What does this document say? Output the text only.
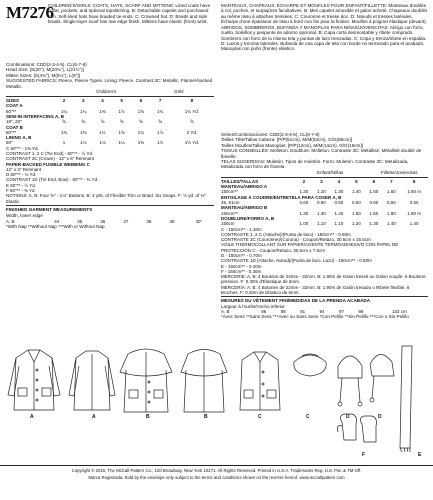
M7276
CHILDREN'S/GIRLS' COATS, HATS, SCARF AND MITTENS: Lined coats have collar, pockets, and optional topstitching. B: Detachable capelet and purchased trim. Self-lined hats have braided tie ends. C: Crowned hat. D: Braids and side braids. Single-layer scarf has raw edge finish. Mittens have elastic (front) wrist.
MANTEAUX, CHAPEAUX, ÉCHARPE ET MOUFLES POUR ENFANT/FILLETTE: Manteaux doublés à col, poches, et surpiqûres facultatives. B: Mini capelet amovible et galon acheté. Chapeaux doublés au même tissu à attaches tressées. C: Couronne et tresse doc. D: Nœuds et tresses latérales. Écharpe d'une épaisseur de tissu à bord non fini pour la finition. Moufles à poignet élastique (devant).
ABRIGOS, SOMBREROS, BUFANDA Y MANOPLAS PARA NIÑAS/JOVENCITAS: Abrigo con forro, cuello, bolsillos y pespunte de adorno opcional. B: Capa corta desmontable y ribete comprado. Sombrero con forro de la misma tela y puntas de lazo trenzadas. C: Copa y trenza/ribete en espalda. D: Lazos y trenzas laterales. Bufanda de una capa de tela con borde no terminado para el acabado. Manoplas con puño (frente) elástico.
Combinations: CDD(2-3-4-5), CL(6-7-8)
Head Size: [S(20"), M(20¾"), L(21½")]
Mitten Sizes: [S(4¾"), M(5¼"), L(6")]
SUGGESTED FABRICS: Fleece, Fleece Types. Lining: Fleece. Contrast 3C: Metallic, Flannel-backed Metallic.
Children's	Girls'
SIZES	2	3	4	5	6	7	8
COAT A							
60"**	1¼	1¼	1⅜	1½	1⅝	1¾	1¾ Yd.
SEW-IN INTERFACING A, B							
18", 20"	⅝	⅝	⅝	⅝	⅝	⅝	⅝
COAT B							
60"**	1⅜	1⅜	1½	1⅝	1¾	1⅞	2 Yd.
LINING A, B							
60"	1	1⅛	1⅛	1¼	1⅜	1½	1½ Yd.
C 60"** - 1⅜ Yd.							
CONTRAST 1, 2 C (Tie End) - 60"** - ½ Yd.							
CONTRAST 3C (Crown) - 12" x 6" Remnant							
PAPER-BACKED FUSIBLE WEBBING C							
12" x 3" Remnant							
D 60"** - ¾ Yd.							
CONTRAST 1D (Tie End, Bow) - 60"** - ⅜ Yd.							
E 60"** - ½ Yd.							
F 60"** - ⅜ Yd.							
NOTIONS: A, B: Four ⅝" - 1⅛" Buttons. B: 2 yds. of Flexible Trim or Braid. Six Snaps. F: ½ yd. of ⅜" Elastic.							
FINISHED GARMENT MEASUREMENTS
Width, lower edge
A, B	34	35	36	37	38	39	40"
*With Nap **Without Nap ***With or Without Nap
Séries/Combinaciones: CDD(2-3-4-5), CL(6-7-8)
Tailles Tête/Tallas Cabeza: [P/P(51cm), M/M(53cm), G/G(55cm)]
Tailles Moufles/Tallas Manoplas: [P/P(12cm), M/M(14cm), G/G(16cm)]
TISSUS CONSEILLÉS: Molleton. Doublure: Molleton. Contraste 3C: Métallisé, Métallisé doublé de flanelle.
TELAS SUGERIDAS: Muletón, Tipos de muletón. Forro: Muletón. Contraste 3C: Metalizada, Metalizada con forro de franela.
Enfant/Niñas	Fillette/Jovencitas
TAILLES/TALLAS	2	3	4	5	6	7	8
MANTEAU/ABRIGO A							
150cm**	1.20	1.20	1.30	1.40	1.50	1.60	1.60 m
ENTOILAGE À COUDRE/ENTRETELA PARA COSER A, B							
46, 51cm	0.60	0.60	0.60	0.60	0.60	0.60	0.60
MANTEAU/ABRIGO B							
150cm**	1.30	1.30	1.40	1.50	1.60	1.80	1.80 m
DOUBLURE/FORRO A, B							
150cm	1.00	1.10	1.10	1.20	1.30	1.40	1.40
C - 150cm** - 1.30m							
CONTRASTE 1, 2 C (Attache)/(Punta de lazo) - 150cm** - 0.50m							
CONTRASTE 3C (Couronne)/(Corona) - Coupon/Retazo, 30.5cm x 15.5cm							
VOILE THERMOCOLLANT SUR PAPIER/AGENTE TERMOADHESIVO CON PAPEL DE PROTECCIÓN C - Coupon/Retazo, 30.5cm x 7.5cm							
D - 150cm** - 0.70m							
CONTRASTE 1D (Attache, Nœud)/(Punta de lazo, Lazo) - 150cm** - 0.50m							
E - 150cm** - 0.40m							
F - 150cm** - 0.30m							
MERCERIE: A, B: 4 Boutons de 22mm - 32mm. B: 1.90m de Galon tressé ou Galon souple. 6 Boutons-pression. F: 0.30m d'Élastique de 6mm.							
MERCERÍA: A, B: 4 Botones de 22mm - 32mm. B: 1.90m de Galón tresado o Ribete flexible. 6 Broches. F: 0.30m de Elástico de 6mm.							
MESURES DU VÊTEMENT FINI/MEDIDAS DE LA PRENDA ACABADA
Largeur à l'ourlet/Ancho inferior
A, B	86	89	91	94	97	99	102 cm
*Avec Sens **Sans Sens ***Avec ou Sans Sens *Con Pelillo **Sin Pelillo ***Con o Sin Pelillo
A	A	B	B	C	C	D	D
E
F
Copyright © 2015, The McCall Pattern Co., 120 Broadway, New York 10271. All Rights Reserved. Printed in U.S.A. Trademarks Reg. U.S. Pat. & TM Off.
Marca Registrada. Sold by the envelope only subject to the terms and conditions shown on the reverse hereof. www.mccallpattern.com
